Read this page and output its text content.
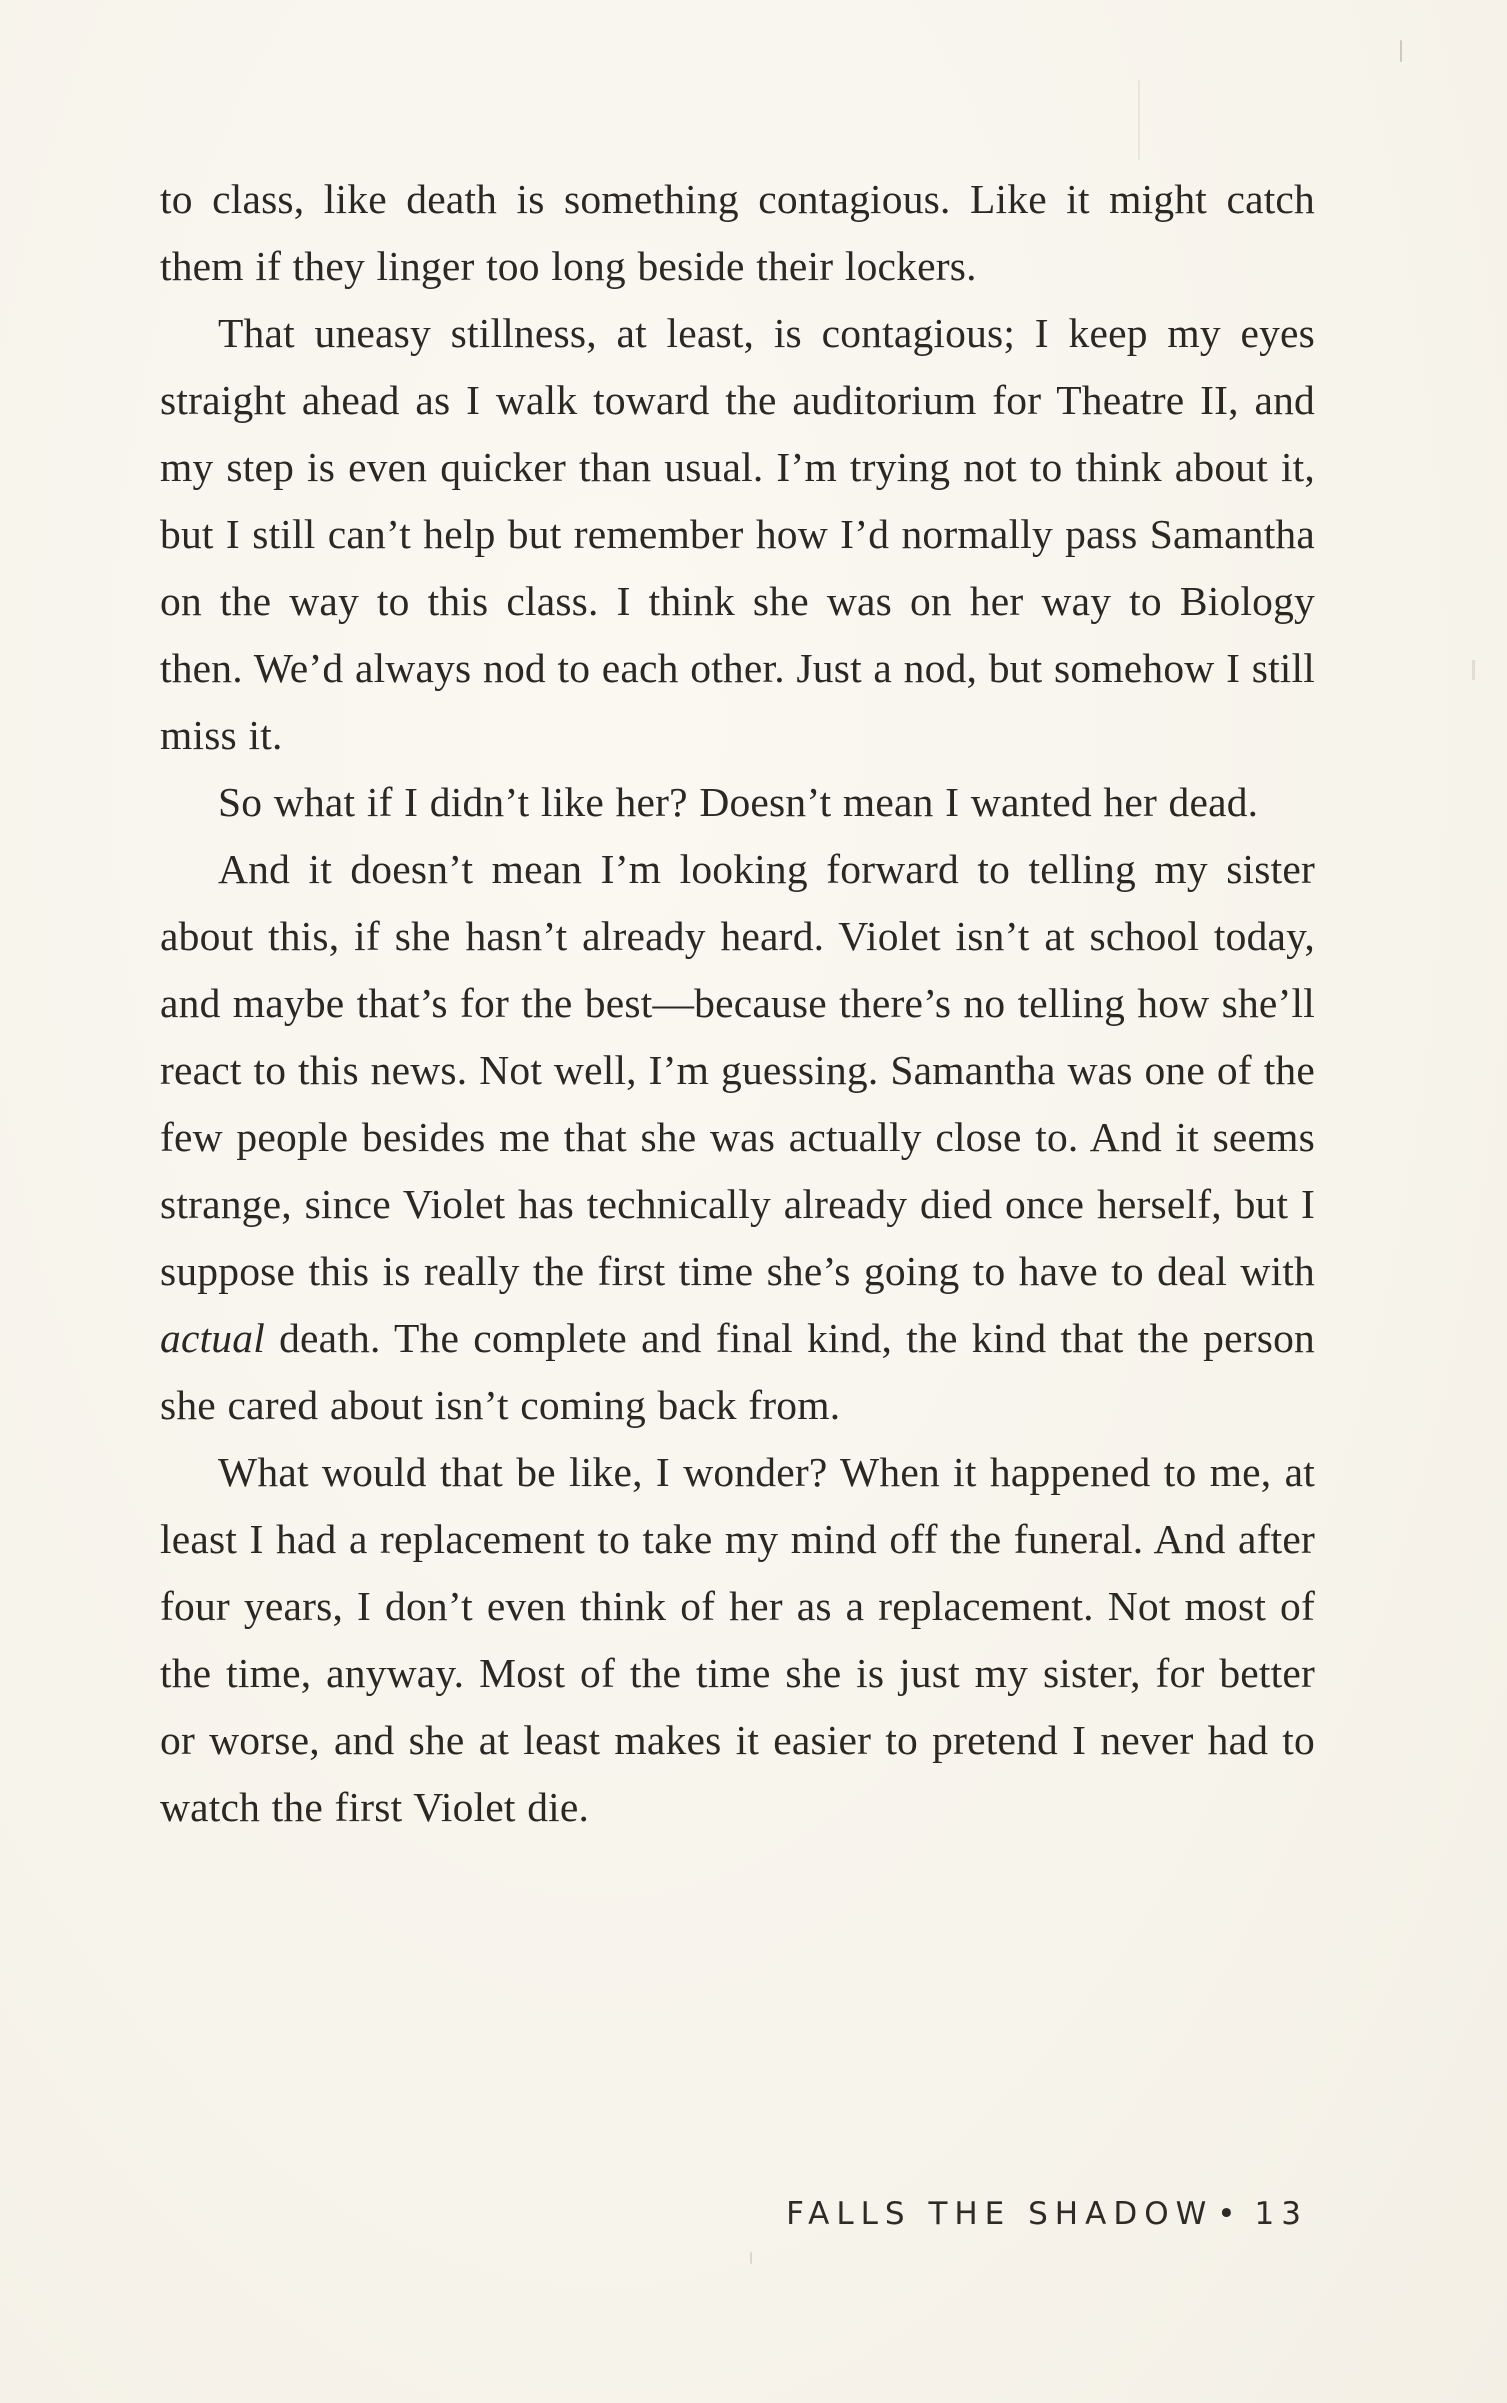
to class, like death is something contagious. Like it might catch them if they linger too long beside their lockers.

That uneasy stillness, at least, is contagious; I keep my eyes straight ahead as I walk toward the auditorium for Theatre II, and my step is even quicker than usual. I’m trying not to think about it, but I still can’t help but remember how I’d normally pass Samantha on the way to this class. I think she was on her way to Biology then. We’d always nod to each other. Just a nod, but somehow I still miss it.

So what if I didn’t like her? Doesn’t mean I wanted her dead.

And it doesn’t mean I’m looking forward to telling my sister about this, if she hasn’t already heard. Violet isn’t at school today, and maybe that’s for the best—because there’s no telling how she’ll react to this news. Not well, I’m guessing. Samantha was one of the few people besides me that she was actually close to. And it seems strange, since Violet has technically already died once herself, but I suppose this is really the first time she’s going to have to deal with actual death. The complete and final kind, the kind that the person she cared about isn’t coming back from.

What would that be like, I wonder? When it happened to me, at least I had a replacement to take my mind off the funeral. And after four years, I don’t even think of her as a replacement. Not most of the time, anyway. Most of the time she is just my sister, for better or worse, and she at least makes it easier to pretend I never had to watch the first Violet die.

FALLS THE SHADOW • 13
